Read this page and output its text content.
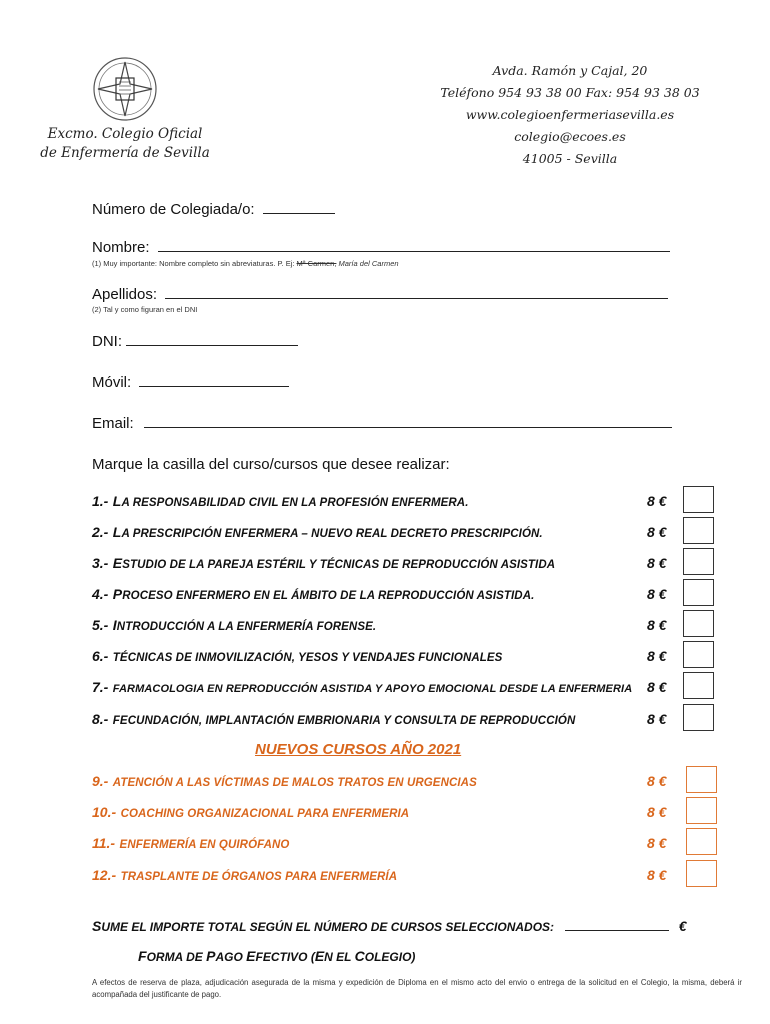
Excmo. Colegio Oficial
de Enfermería de Sevilla
Avda. Ramón y Cajal, 20
Teléfono 954 93 38 00 Fax: 954 93 38 03
www.colegioenfermeriasevilla.es
colegio@ecoes.es
41005 - Sevilla
Número de Colegiada/o:
Nombre:
(1) Muy importante: Nombre completo sin abreviaturas. P. Ej: Mª Carmen, María del Carmen
Apellidos:
(2) Tal y como figuran en el DNI
DNI:
Móvil:
Email:
Marque la casilla del curso/cursos que desee realizar:
1.- LA RESPONSABILIDAD CIVIL EN LA PROFESIÓN ENFERMERA.	8 €
2.- LA PRESCRIPCIÓN ENFERMERA – NUEVO REAL DECRETO PRESCRIPCIÓN.	8 €
3.- ESTUDIO DE LA PAREJA ESTÉRIL Y TÉCNICAS DE REPRODUCCIÓN ASISTIDA	8 €
4.- PROCESO ENFERMERO EN EL ÁMBITO DE LA REPRODUCCIÓN ASISTIDA.	8 €
5.- INTRODUCCIÓN A LA ENFERMERÍA FORENSE.	8 €
6.- TÉCNICAS DE INMOVILIZACIÓN, YESOS Y VENDAJES FUNCIONALES	8 €
7.- FARMACOLOGIA EN REPRODUCCIÓN ASISTIDA Y APOYO EMOCIONAL DESDE LA ENFERMERIA 8 €
8.- FECUNDACIÓN, IMPLANTACIÓN EMBRIONARIA Y CONSULTA DE REPRODUCCIÓN	8 €
NUEVOS CURSOS AÑO 2021
9.- ATENCIÓN A LAS VÍCTIMAS DE MALOS TRATOS EN URGENCIAS	8 €
10.- COACHING ORGANIZACIONAL PARA ENFERMERIA	8 €
11.- ENFERMERÍA EN QUIRÓFANO	8 €
12.- TRASPLANTE DE ÓRGANOS PARA ENFERMERÍA	8 €
SUME EL IMPORTE TOTAL SEGÚN EL NÚMERO DE CURSOS SELECCIONADOS:	€
FORMA DE PAGO EFECTIVO (EN EL COLEGIO)
A efectos de reserva de plaza, adjudicación asegurada de la misma y expedición de Diploma en el mismo acto del envio o entrega de la solicitud en el Colegio, la misma, deberá ir acompañada del justificante de pago.
